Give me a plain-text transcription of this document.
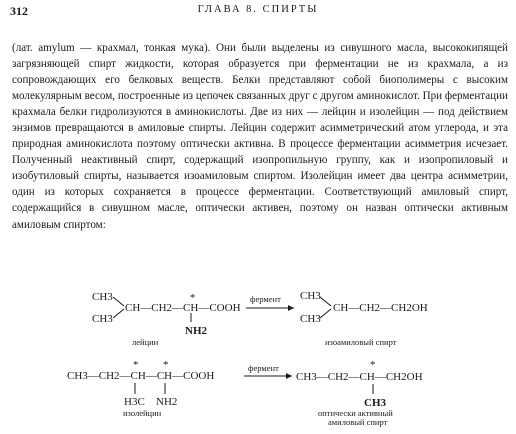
312	ГЛАВА 8. СПИРТЫ

(лат. amylum — крахмал, тонкая мука). Они были выделены из сивушного масла, высококипящей загрязняющей спирт жидкости, которая образуется при ферментации не из крахмала, а из сопровождающих его белковых веществ. Белки представляют собой биополимеры с высоким молекулярным весом, построенные из цепочек связанных друг с другом аминокислот. При ферментации крахмала белки гидролизуются в аминокислоты. Две из них — лейцин и изолейцин — под действием энзимов превращаются в амиловые спирты. Лейцин содержит асимметрический атом углерода, и эта природная аминокислота поэтому оптически активна. В процессе ферментации асимметрия исчезает. Полученный неактивный спирт, содержащий изопропильную группу, как и изопропиловый и изобутиловый спирты, называется изоамиловым спиртом. Изолейцин имеет два центра асимметрии, один из которых сохраняется в процессе ферментации. Соответствующий амиловый спирт, содержащийся в сивушном масле, оптически активен, поэтому он назван оптически активным амиловым спиртом:

CH3
CH3
CH—CH2—CH—COOH
*
NH2
лейцин
фермент CH3
CH3
CH—CH2—CH2OH
изоамиловый спирт
CH3—CH2—CH—CH—COOH
* *
H3C NH2
изолейцин
фермент
CH3—CH2—CH—CH2OH
*
CH3
оптически активный
амиловый спирт
